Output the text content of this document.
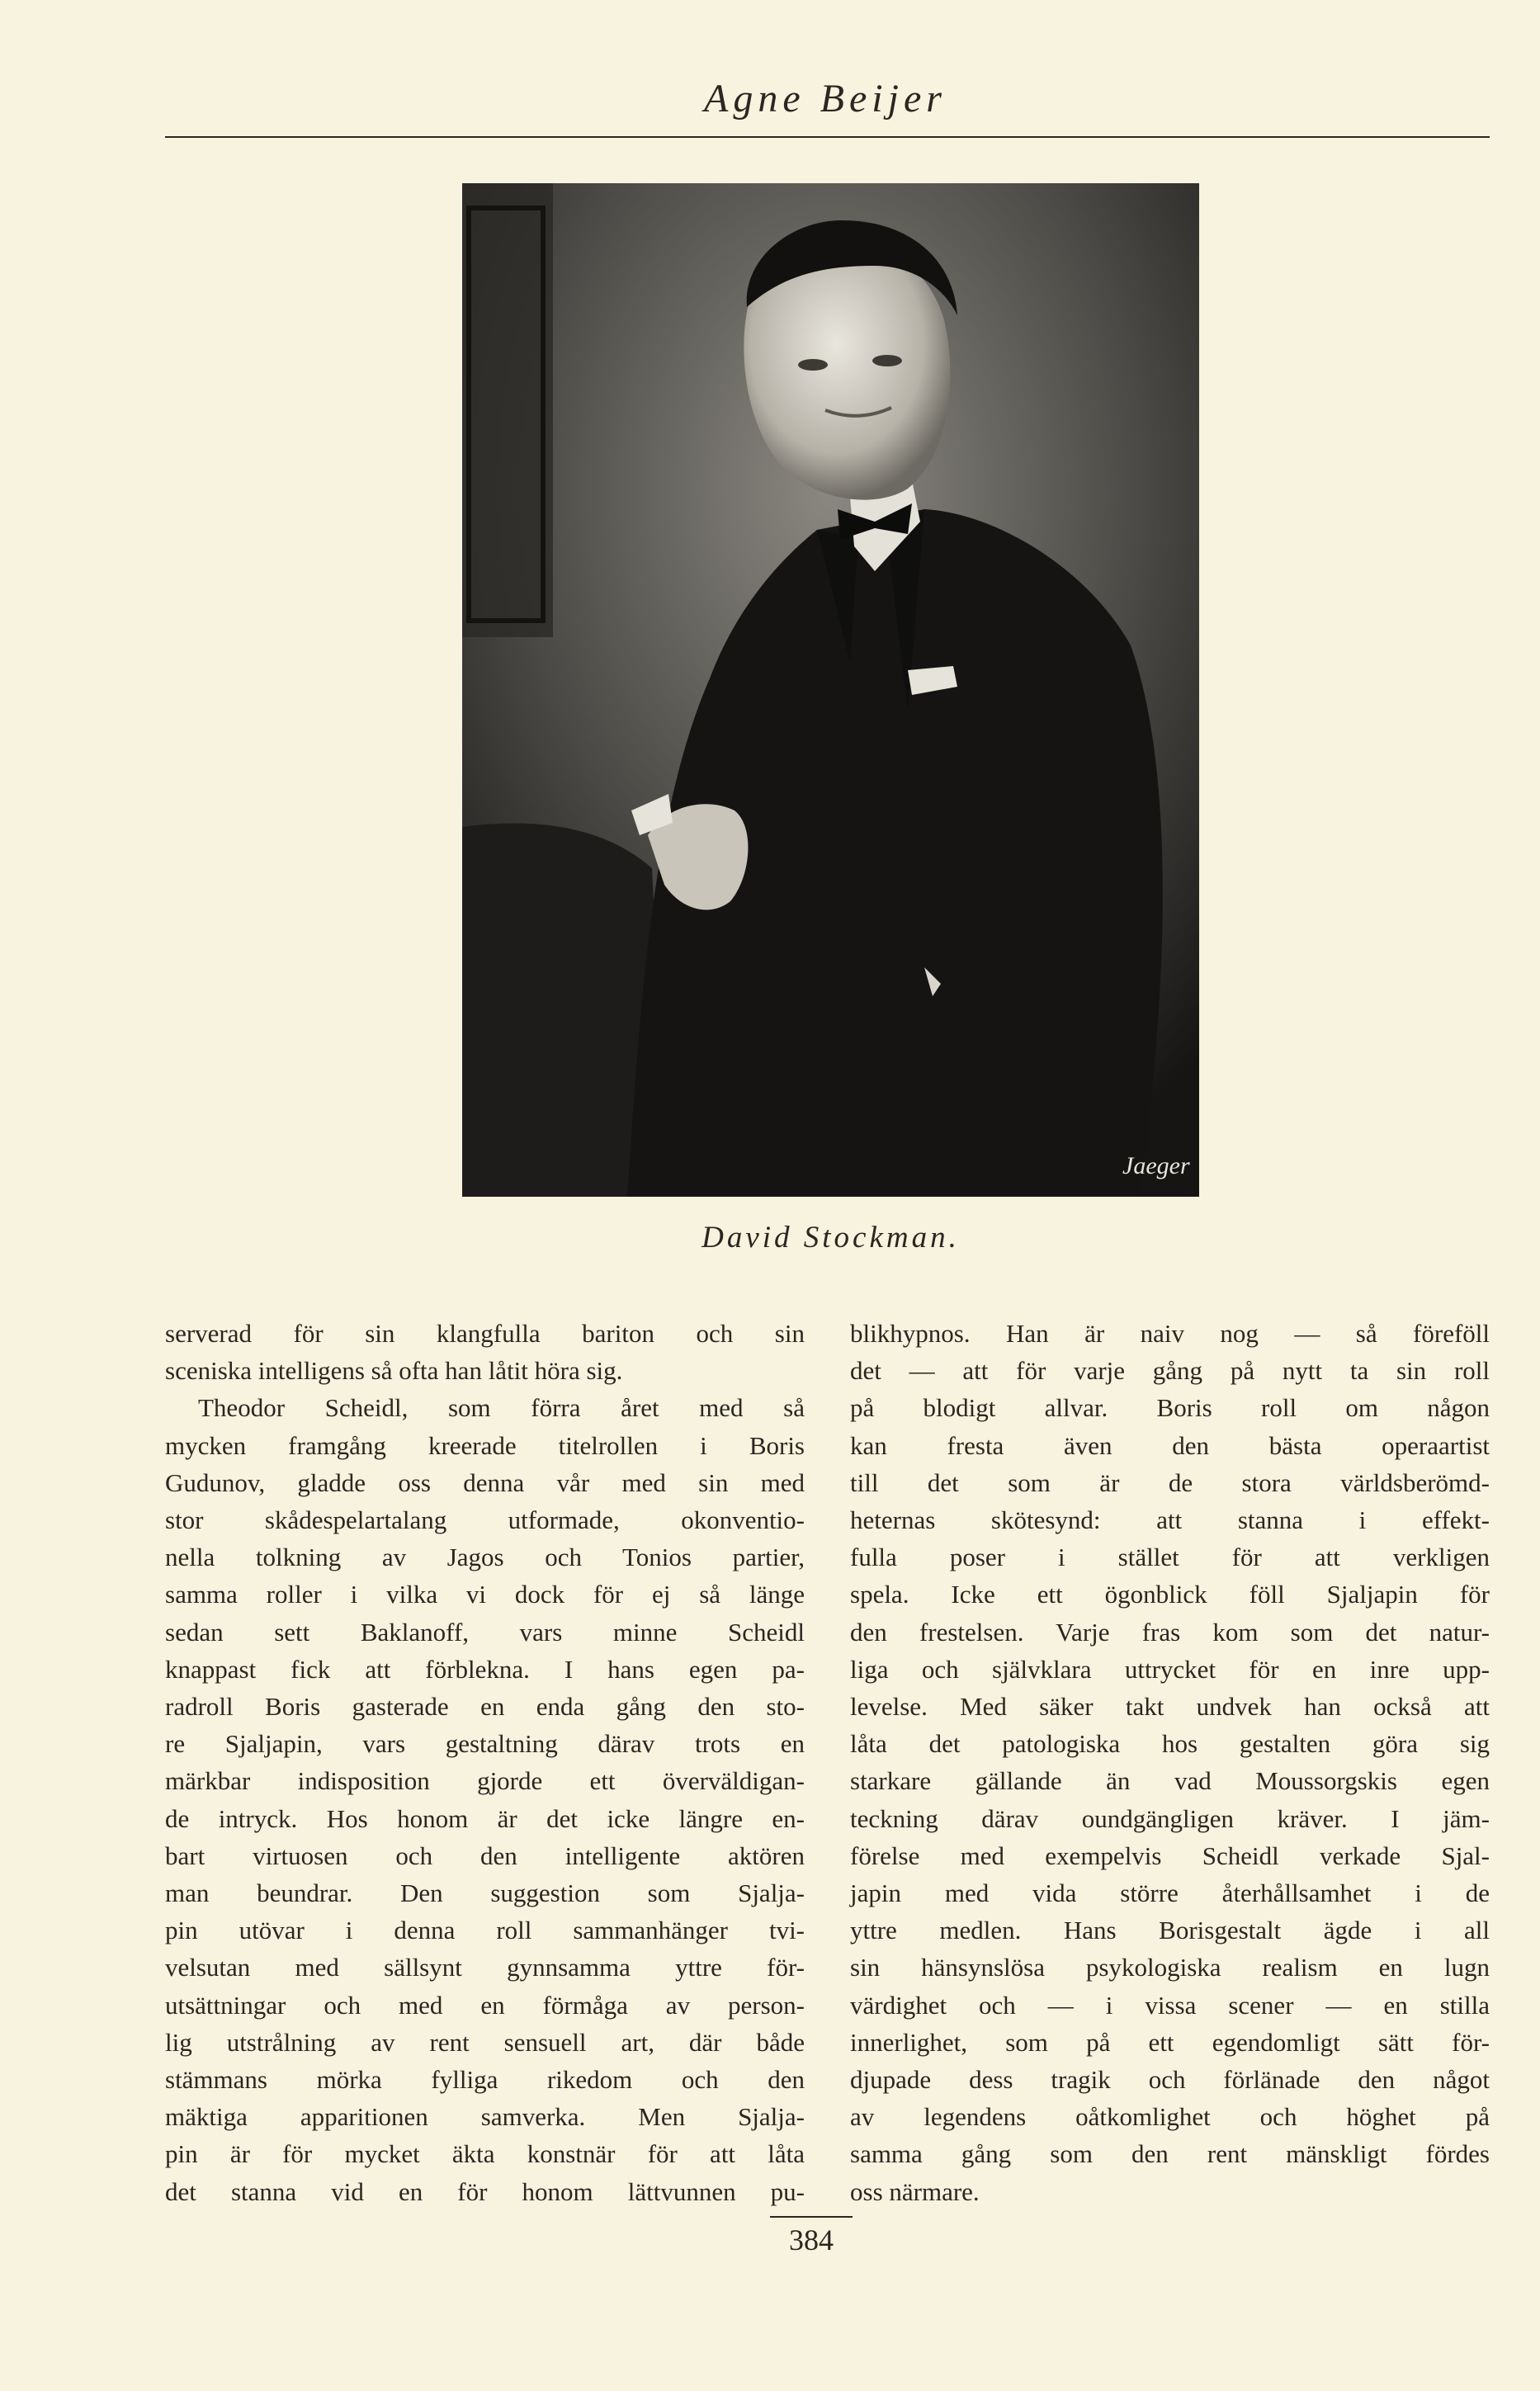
Agne Beijer
Jaeger
David Stockman.

serverad för sin klangfulla bariton och sin

sceniska intelligens så ofta han låtit höra sig.

Theodor Scheidl, som förra året med så

mycken framgång kreerade titelrollen i Boris

Gudunov, gladde oss denna vår med sin med

stor skådespelartalang utformade, okonventio-

nella tolkning av Jagos och Tonios partier,

samma roller i vilka vi dock för ej så länge

sedan sett Baklanoff, vars minne Scheidl

knappast fick att förblekna. I hans egen pa-

radroll Boris gasterade en enda gång den sto-

re Sjaljapin, vars gestaltning därav trots en

märkbar indisposition gjorde ett överväldigan-

de intryck. Hos honom är det icke längre en-

bart virtuosen och den intelligente aktören

man beundrar. Den suggestion som Sjalja-

pin utövar i denna roll sammanhänger tvi-

velsutan med sällsynt gynnsamma yttre för-

utsättningar och med en förmåga av person-

lig utstrålning av rent sensuell art, där både

stämmans mörka fylliga rikedom och den

mäktiga apparitionen samverka. Men Sjalja-

pin är för mycket äkta konstnär för att låta

det stanna vid en för honom lättvunnen pu-

blikhypnos. Han är naiv nog — så föreföll

det — att för varje gång på nytt ta sin roll

på blodigt allvar. Boris roll om någon

kan fresta även den bästa operaartist

till det som är de stora världsberömd-

heternas skötesynd: att stanna i effekt-

fulla poser i stället för att verkligen

spela. Icke ett ögonblick föll Sjaljapin för

den frestelsen. Varje fras kom som det natur-

liga och självklara uttrycket för en inre upp-

levelse. Med säker takt undvek han också att

låta det patologiska hos gestalten göra sig

starkare gällande än vad Moussorgskis egen

teckning därav oundgängligen kräver. I jäm-

förelse med exempelvis Scheidl verkade Sjal-

japin med vida större återhållsamhet i de

yttre medlen. Hans Borisgestalt ägde i all

sin hänsynslösa psykologiska realism en lugn

värdighet och — i vissa scener — en stilla

innerlighet, som på ett egendomligt sätt för-

djupade dess tragik och förlänade den något

av legendens oåtkomlighet och höghet på

samma gång som den rent mänskligt fördes

oss närmare.

384
